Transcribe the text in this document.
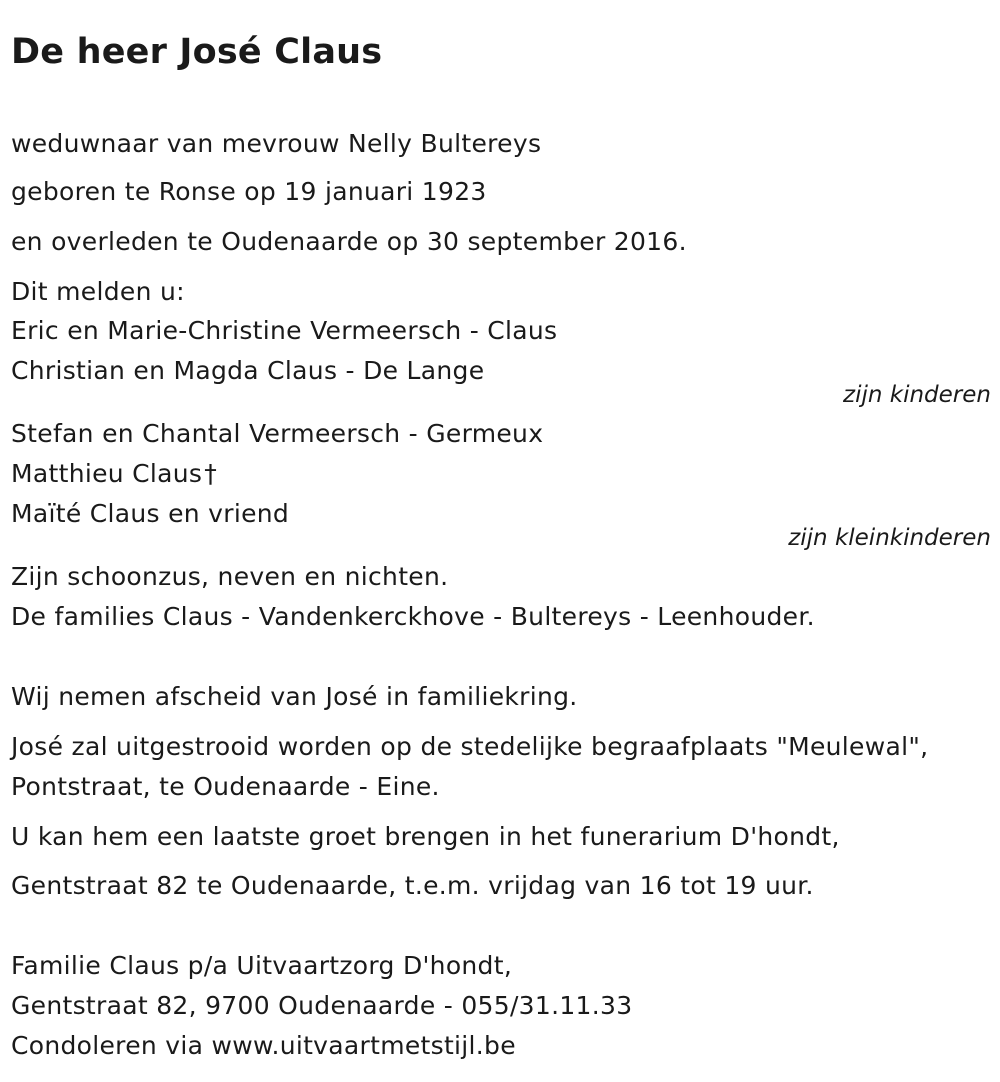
De heer José Claus
weduwnaar van mevrouw Nelly Bultereys
geboren te Ronse op 19 januari 1923
en overleden te Oudenaarde op 30 september 2016.
Dit melden u:
Eric en Marie-Christine Vermeersch - Claus
Christian en Magda Claus - De Lange
zijn kinderen
Stefan en Chantal Vermeersch - Germeux
Matthieu Claus†
Maïté Claus en vriend
zijn kleinkinderen
Zijn schoonzus, neven en nichten.
De families Claus - Vandenkerckhove - Bultereys - Leenhouder.
Wij nemen afscheid van José in familiekring.
José zal uitgestrooid worden op de stedelijke begraafplaats "Meulewal",
Pontstraat, te Oudenaarde - Eine.
U kan hem een laatste groet brengen in het funerarium D'hondt,
Gentstraat 82 te Oudenaarde, t.e.m. vrijdag van 16 tot 19 uur.
Familie Claus p/a Uitvaartzorg D'hondt,
Gentstraat 82, 9700 Oudenaarde - 055/31.11.33
Condoleren via www.uitvaartmetstijl.be
